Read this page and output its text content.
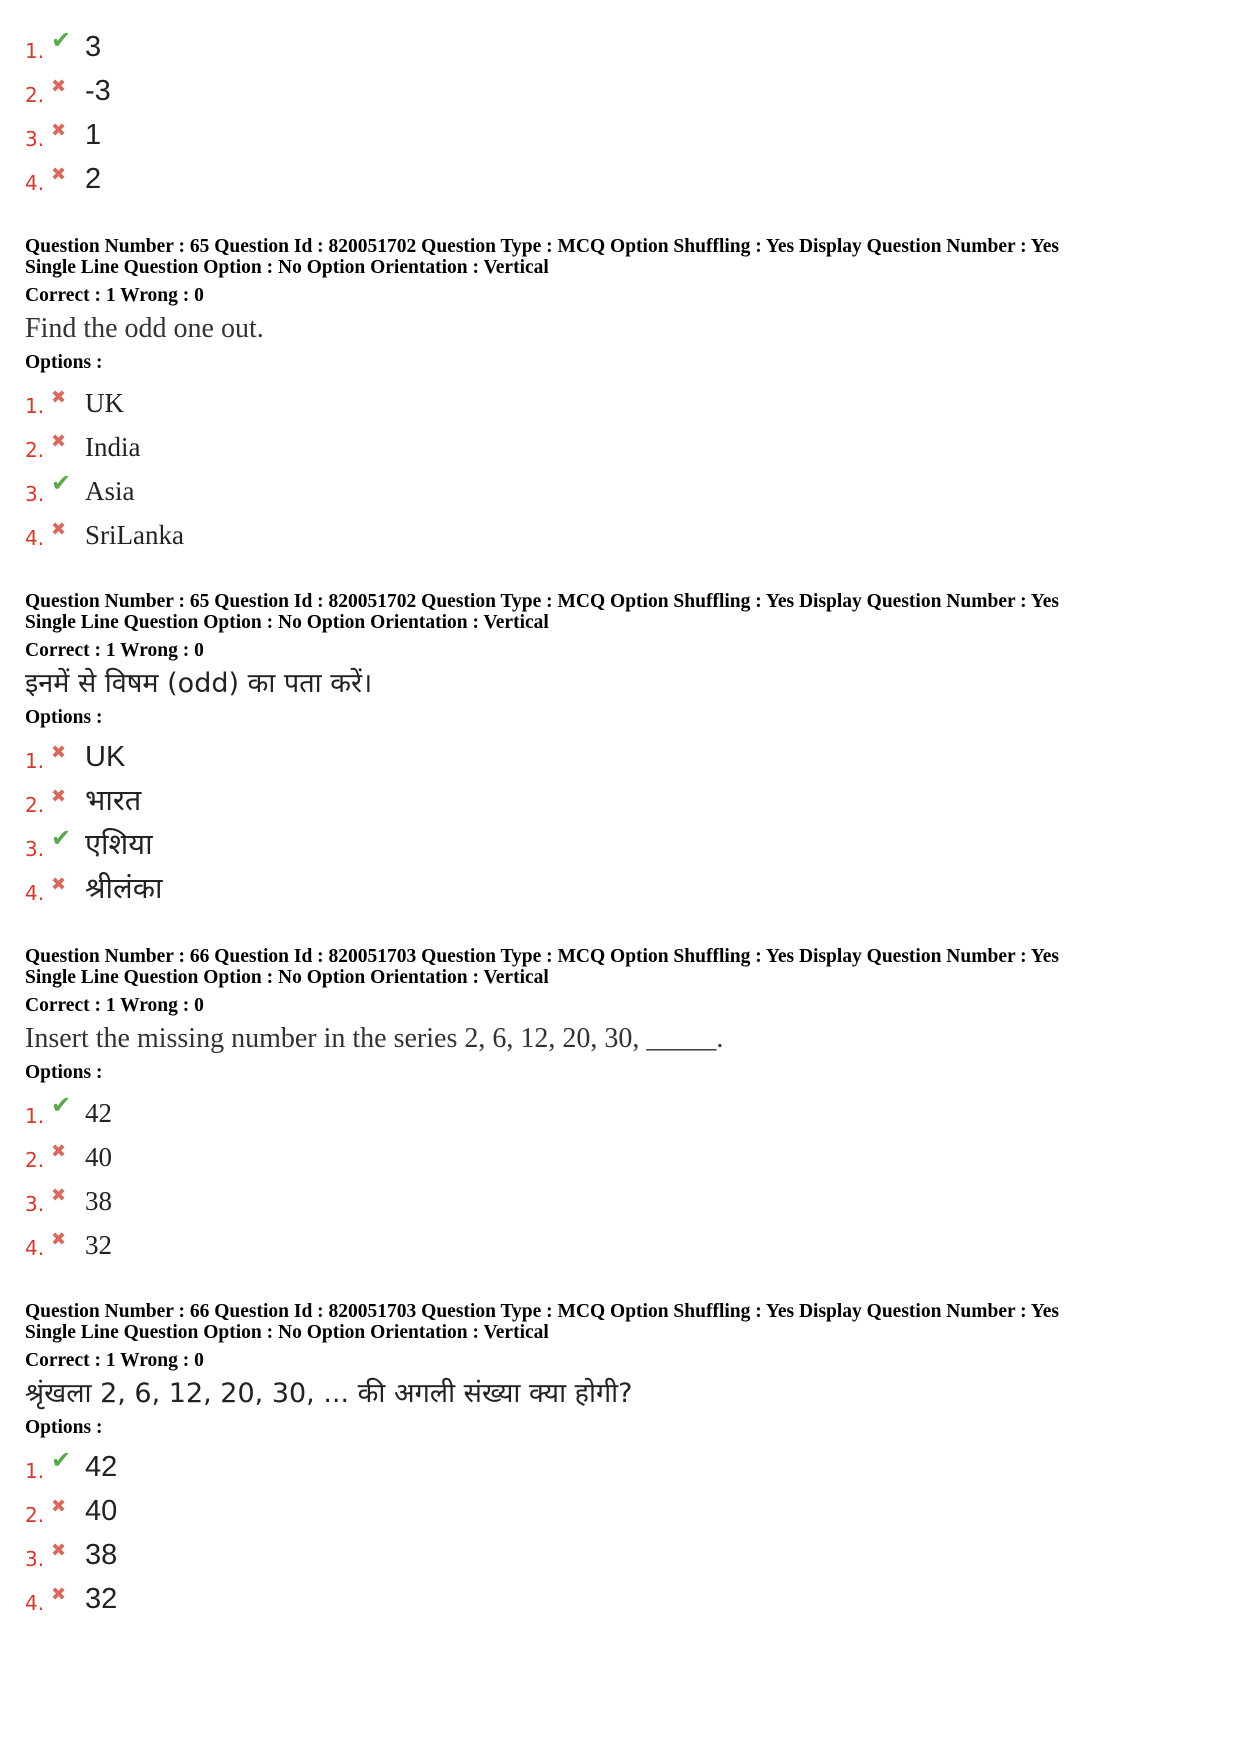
1. ✔ 3
2. ✖ -3
3. ✖ 1
4. ✖ 2
Question Number : 65 Question Id : 820051702 Question Type : MCQ Option Shuffling : Yes Display Question Number : Yes
Single Line Question Option : No Option Orientation : Vertical
Correct : 1 Wrong : 0
Find the odd one out.
Options :
1. ✖ UK
2. ✖ India
3. ✔ Asia
4. ✖ SriLanka
Question Number : 65 Question Id : 820051702 Question Type : MCQ Option Shuffling : Yes Display Question Number : Yes
Single Line Question Option : No Option Orientation : Vertical
Correct : 1 Wrong : 0
इनमें से विषम (odd) का पता करें।
Options :
1. ✖ UK
2. ✖ भारत
3. ✔ एशिया
4. ✖ श्रीलंका
Question Number : 66 Question Id : 820051703 Question Type : MCQ Option Shuffling : Yes Display Question Number : Yes
Single Line Question Option : No Option Orientation : Vertical
Correct : 1 Wrong : 0
Insert the missing number in the series 2, 6, 12, 20, 30, _____.
Options :
1. ✔ 42
2. ✖ 40
3. ✖ 38
4. ✖ 32
Question Number : 66 Question Id : 820051703 Question Type : MCQ Option Shuffling : Yes Display Question Number : Yes
Single Line Question Option : No Option Orientation : Vertical
Correct : 1 Wrong : 0
श्रृंखला 2, 6, 12, 20, 30, ... की अगली संख्या क्या होगी?
Options :
1. ✔ 42
2. ✖ 40
3. ✖ 38
4. ✖ 32
